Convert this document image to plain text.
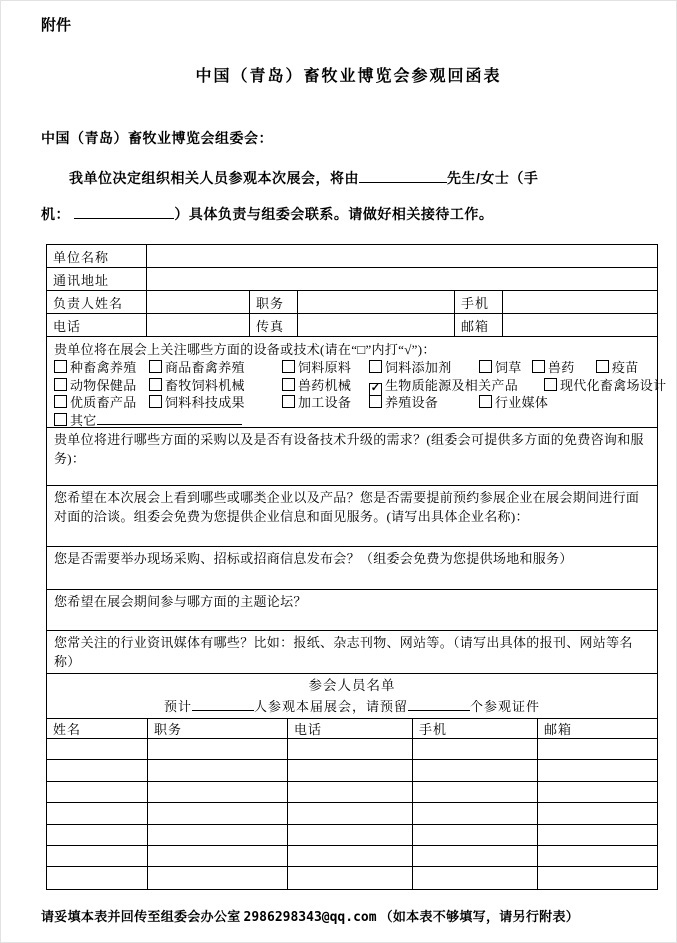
附件
中国（青岛）畜牧业博览会参观回函表
中国（青岛）畜牧业博览会组委会：
我单位决定组织相关人员参观本次展会，将由	先生/女士（手
机：	）具体负责与组委会联系。请做好相关接待工作。
单位名称
通讯地址
负责人姓名	职务	手机
电话	传真	邮箱
贵单位将在展会上关注哪些方面的设备或技术(请在“□”内打“√”)：
种畜禽养殖 商品畜禽养殖	饲料原料	饲料添加剂	饲草 兽药	疫苗
动物保健品 畜牧饲料机械	兽药机械 ✓	生物质能源及相关产品	现代化畜禽场设计
优质畜产品 饲料科技成果	加工设备	养殖设备	行业媒体
其它
贵单位将进行哪些方面的采购以及是否有设备技术升级的需求？(组委会可提供多方面的免费咨询和服务)：
您希望在本次展会上看到哪些或哪类企业以及产品？您是否需要提前预约参展企业在展会期间进行面对面的洽谈。组委会免费为您提供企业信息和面见服务。(请写出具体企业名称)：
您是否需要举办现场采购、招标或招商信息发布会？（组委会免费为您提供场地和服务）
您希望在展会期间参与哪方面的主题论坛？
您常关注的行业资讯媒体有哪些？比如：报纸、杂志刊物、网站等。（请写出具体的报刊、网站等名称）
参会人员名单
预计	人参观本届展会，请预留	个参观证件
姓名	职务	电话	手机	邮箱
请妥填本表并回传至组委会办公室 2986298343@qq.com （如本表不够填写，请另行附表）
